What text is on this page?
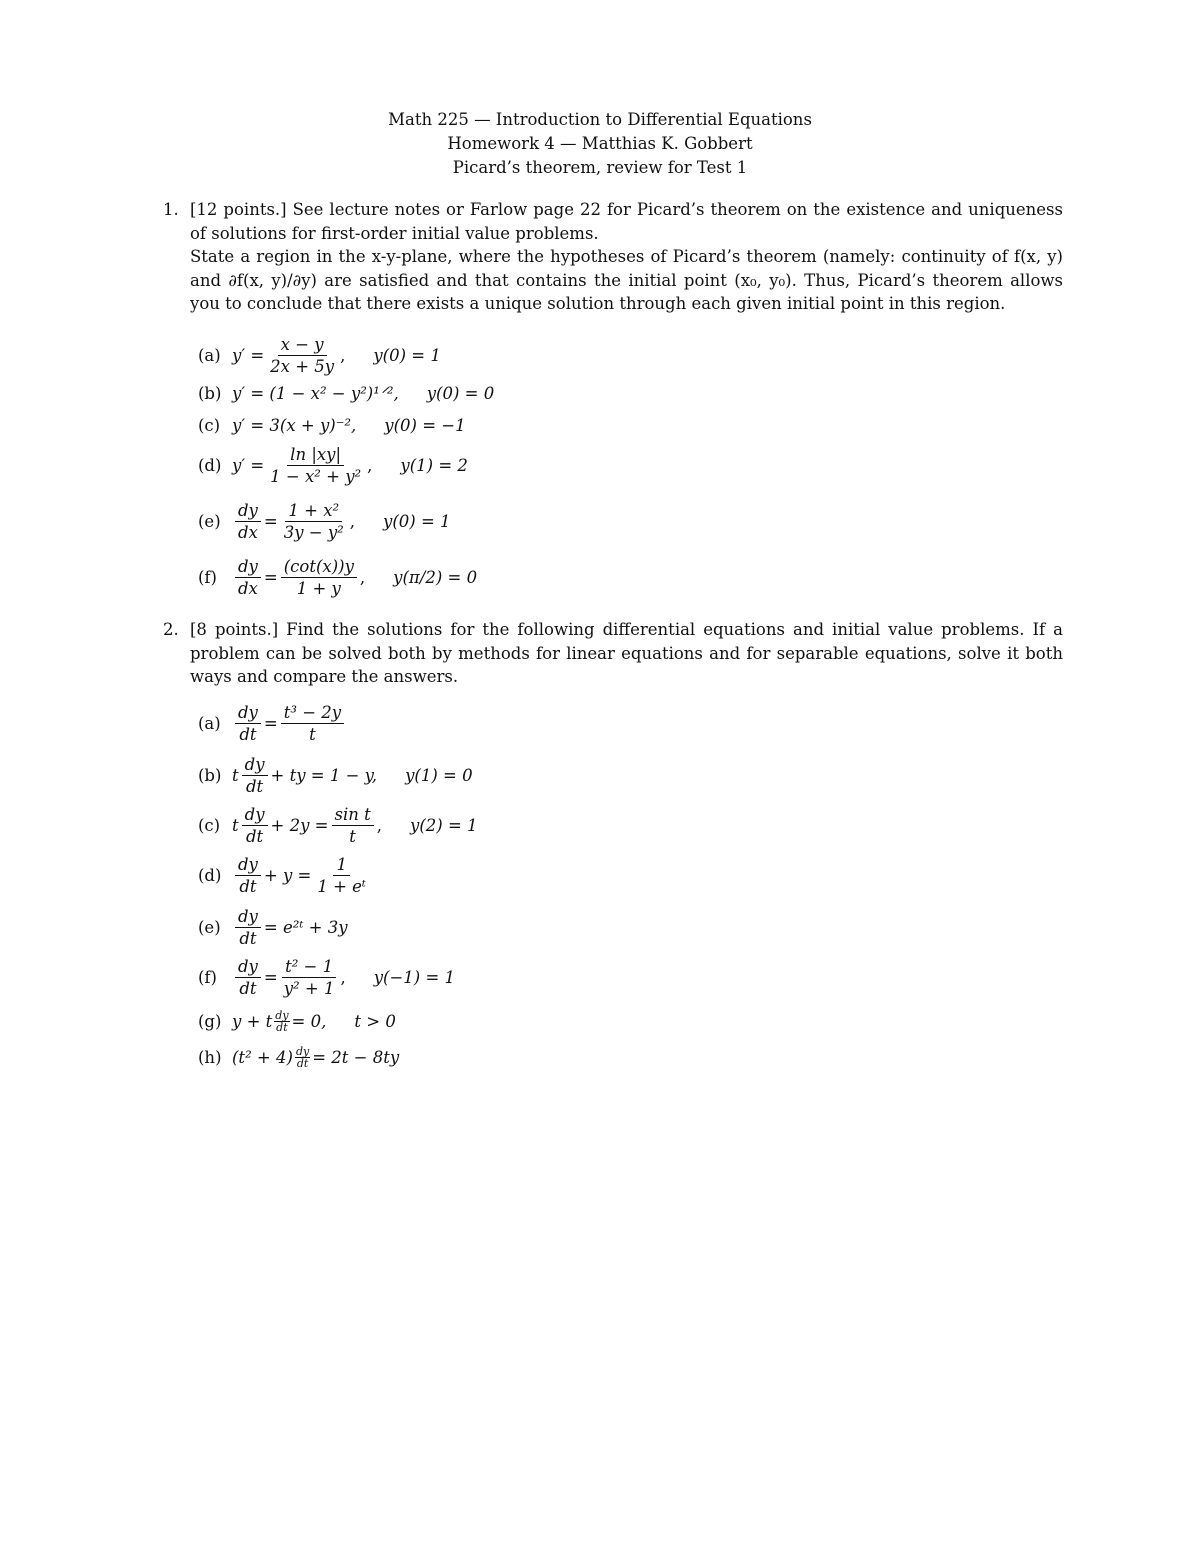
Math 225 — Introduction to Differential Equations
Homework 4 — Matthias K. Gobbert
Picard’s theorem, review for Test 1
1. [12 points.] See lecture notes or Farlow page 22 for Picard’s theorem on the existence and uniqueness of solutions for first-order initial value problems.
State a region in the x-y-plane, where the hypotheses of Picard’s theorem (namely: continuity of f(x, y) and ∂f(x, y)/∂y) are satisfied and that contains the initial point (x₀, y₀). Thus, Picard’s theorem allows you to conclude that there exists a unique solution through each given initial point in this region.
(a) $y' = \frac{x - y}{2x + 5y}$ , y(0) = 1
(b) y′ = (1 − x² − y²)¹ᐟ², y(0) = 0
(c) y′ = 3(x + y)⁻², y(0) = −1
(d) $y' = \frac{\ln |xy|}{\text{1 − x² + y²}}$ , y(1) = 2
$(e) \frac{dy}{dx} = \frac{\text{1 + x²}}{\text{3y − y²}}$ , y(0) = 1
(f)	$\frac{dy}{dx} = \frac{(\cot(x))y}{1 + y}$ , y(π/2) = 0
2. [8 points.] Find the solutions for the following differential equations and initial value problems. If a problem can be solved both by methods for linear equations and for separable equations, solve it both ways and compare the answers.
$(a) \frac{dy}{dt} = \frac{\text{t³ − 2y}}{t}$
(b) t $\frac{dy}{dt}$ + ty = 1 − y, y(1) = 0
(c) t $\frac{dy}{dt} + 2y = \frac{\text{sin t}}{t}$ , y(2) = 1
$(d) \frac{dy}{dt} + y = \frac{1}{\text{1 + eᵗ}}$
$(e) \frac{dy}{dt}$ = e²ᵗ + 3y
(f)	$\frac{dy}{dt} = \frac{\text{t² − 1}}{\text{y² + 1}}$ , y(−1) = 1
(g) y + t $\frac{dy}{dt} = 0$, t > 0
(h) $(t^2 + 4) \frac{dy}{dt} = 2t - 8ty$
